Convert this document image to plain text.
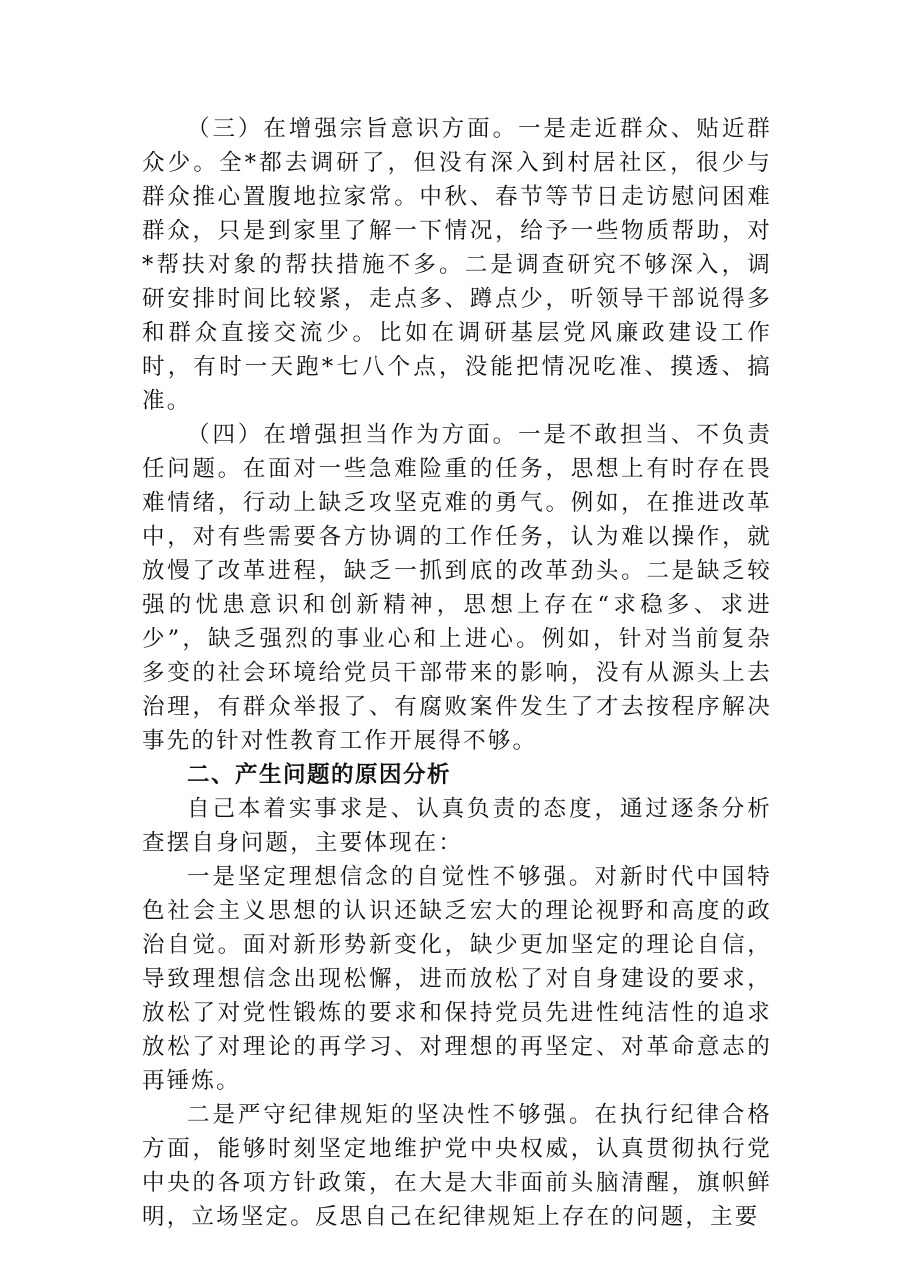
（三）在增强宗旨意识方面。一是走近群众、贴近群众少。全*都去调研了，但没有深入到村居社区，很少与群众推心置腹地拉家常。中秋、春节等节日走访慰问困难群众，只是到家里了解一下情况，给予一些物质帮助，对*帮扶对象的帮扶措施不多。二是调查研究不够深入，调研安排时间比较紧，走点多、蹲点少，听领导干部说得多和群众直接交流少。比如在调研基层党风廉政建设工作时，有时一天跑*七八个点，没能把情况吃准、摸透、搞准。

（四）在增强担当作为方面。一是不敢担当、不负责任问题。在面对一些急难险重的任务，思想上有时存在畏难情绪，行动上缺乏攻坚克难的勇气。例如，在推进改革中，对有些需要各方协调的工作任务，认为难以操作，就放慢了改革进程，缺乏一抓到底的改革劲头。二是缺乏较强的忧患意识和创新精神，思想上存在“求稳多、求进少”，缺乏强烈的事业心和上进心。例如，针对当前复杂多变的社会环境给党员干部带来的影响，没有从源头上去治理，有群众举报了、有腐败案件发生了才去按程序解决事先的针对性教育工作开展得不够。

二、产生问题的原因分析

自己本着实事求是、认真负责的态度，通过逐条分析查摆自身问题，主要体现在：

一是坚定理想信念的自觉性不够强。对新时代中国特色社会主义思想的认识还缺乏宏大的理论视野和高度的政治自觉。面对新形势新变化，缺少更加坚定的理论自信，导致理想信念出现松懈，进而放松了对自身建设的要求，放松了对党性锻炼的要求和保持党员先进性纯洁性的追求放松了对理论的再学习、对理想的再坚定、对革命意志的再锤炼。

二是严守纪律规矩的坚决性不够强。在执行纪律合格方面，能够时刻坚定地维护党中央权威，认真贯彻执行党中央的各项方针政策，在大是大非面前头脑清醒，旗帜鲜明，立场坚定。反思自己在纪律规矩上存在的问题，主要
